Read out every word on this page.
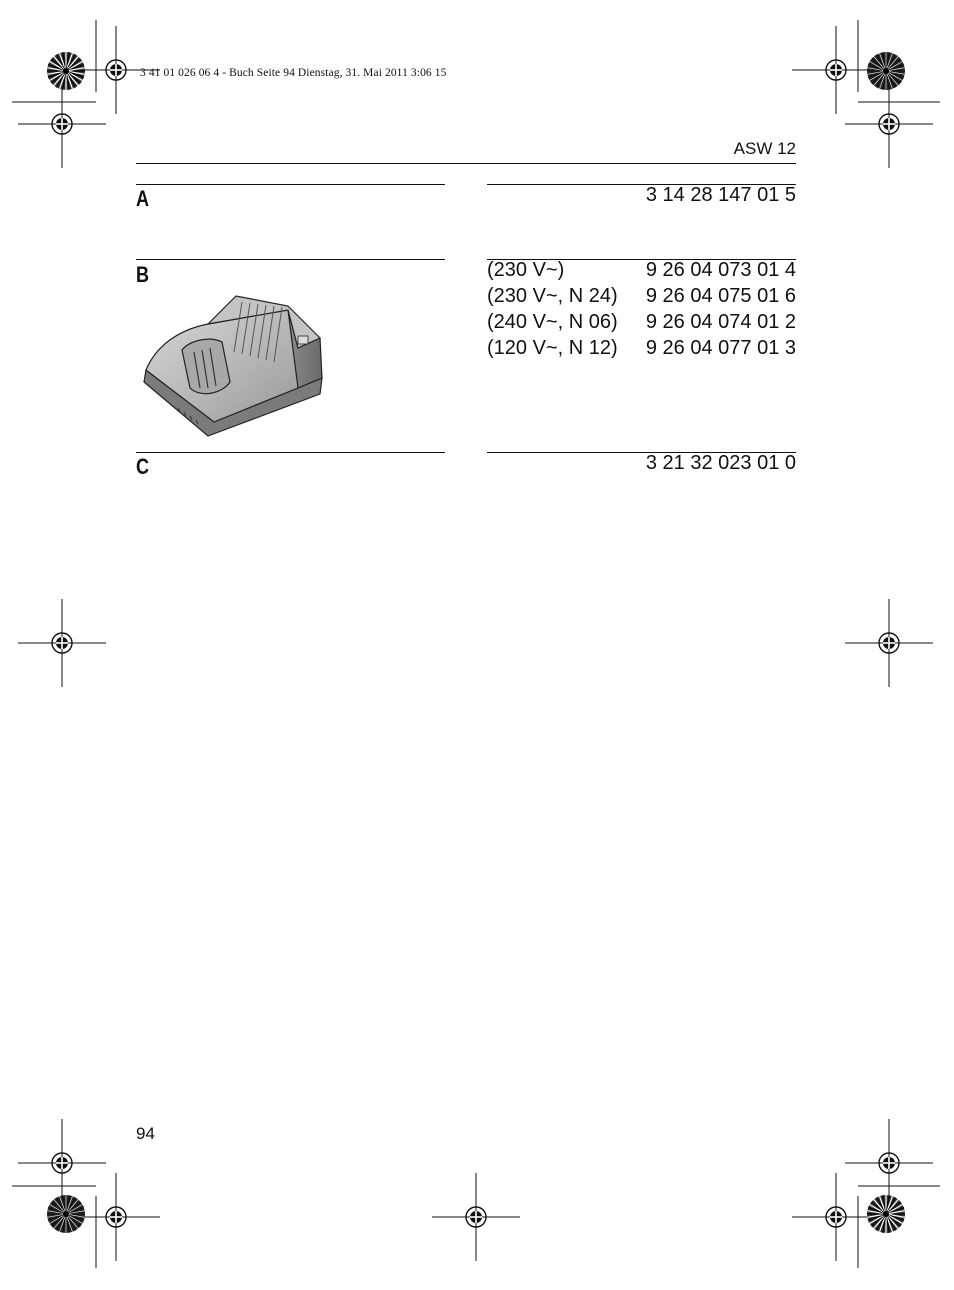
3 41 01 026 06 4 - Buch Seite 94 Dienstag, 31. Mai 2011 3:06 15
ASW 12
A	3 14 28 147 01 5
B	(230 V~)	9 26 04 073 01 4
(230 V~, N 24) 9 26 04 075 01 6
(240 V~, N 06) 9 26 04 074 01 2
(120 V~, N 12) 9 26 04 077 01 3
C	3 21 32 023 01 0
94
